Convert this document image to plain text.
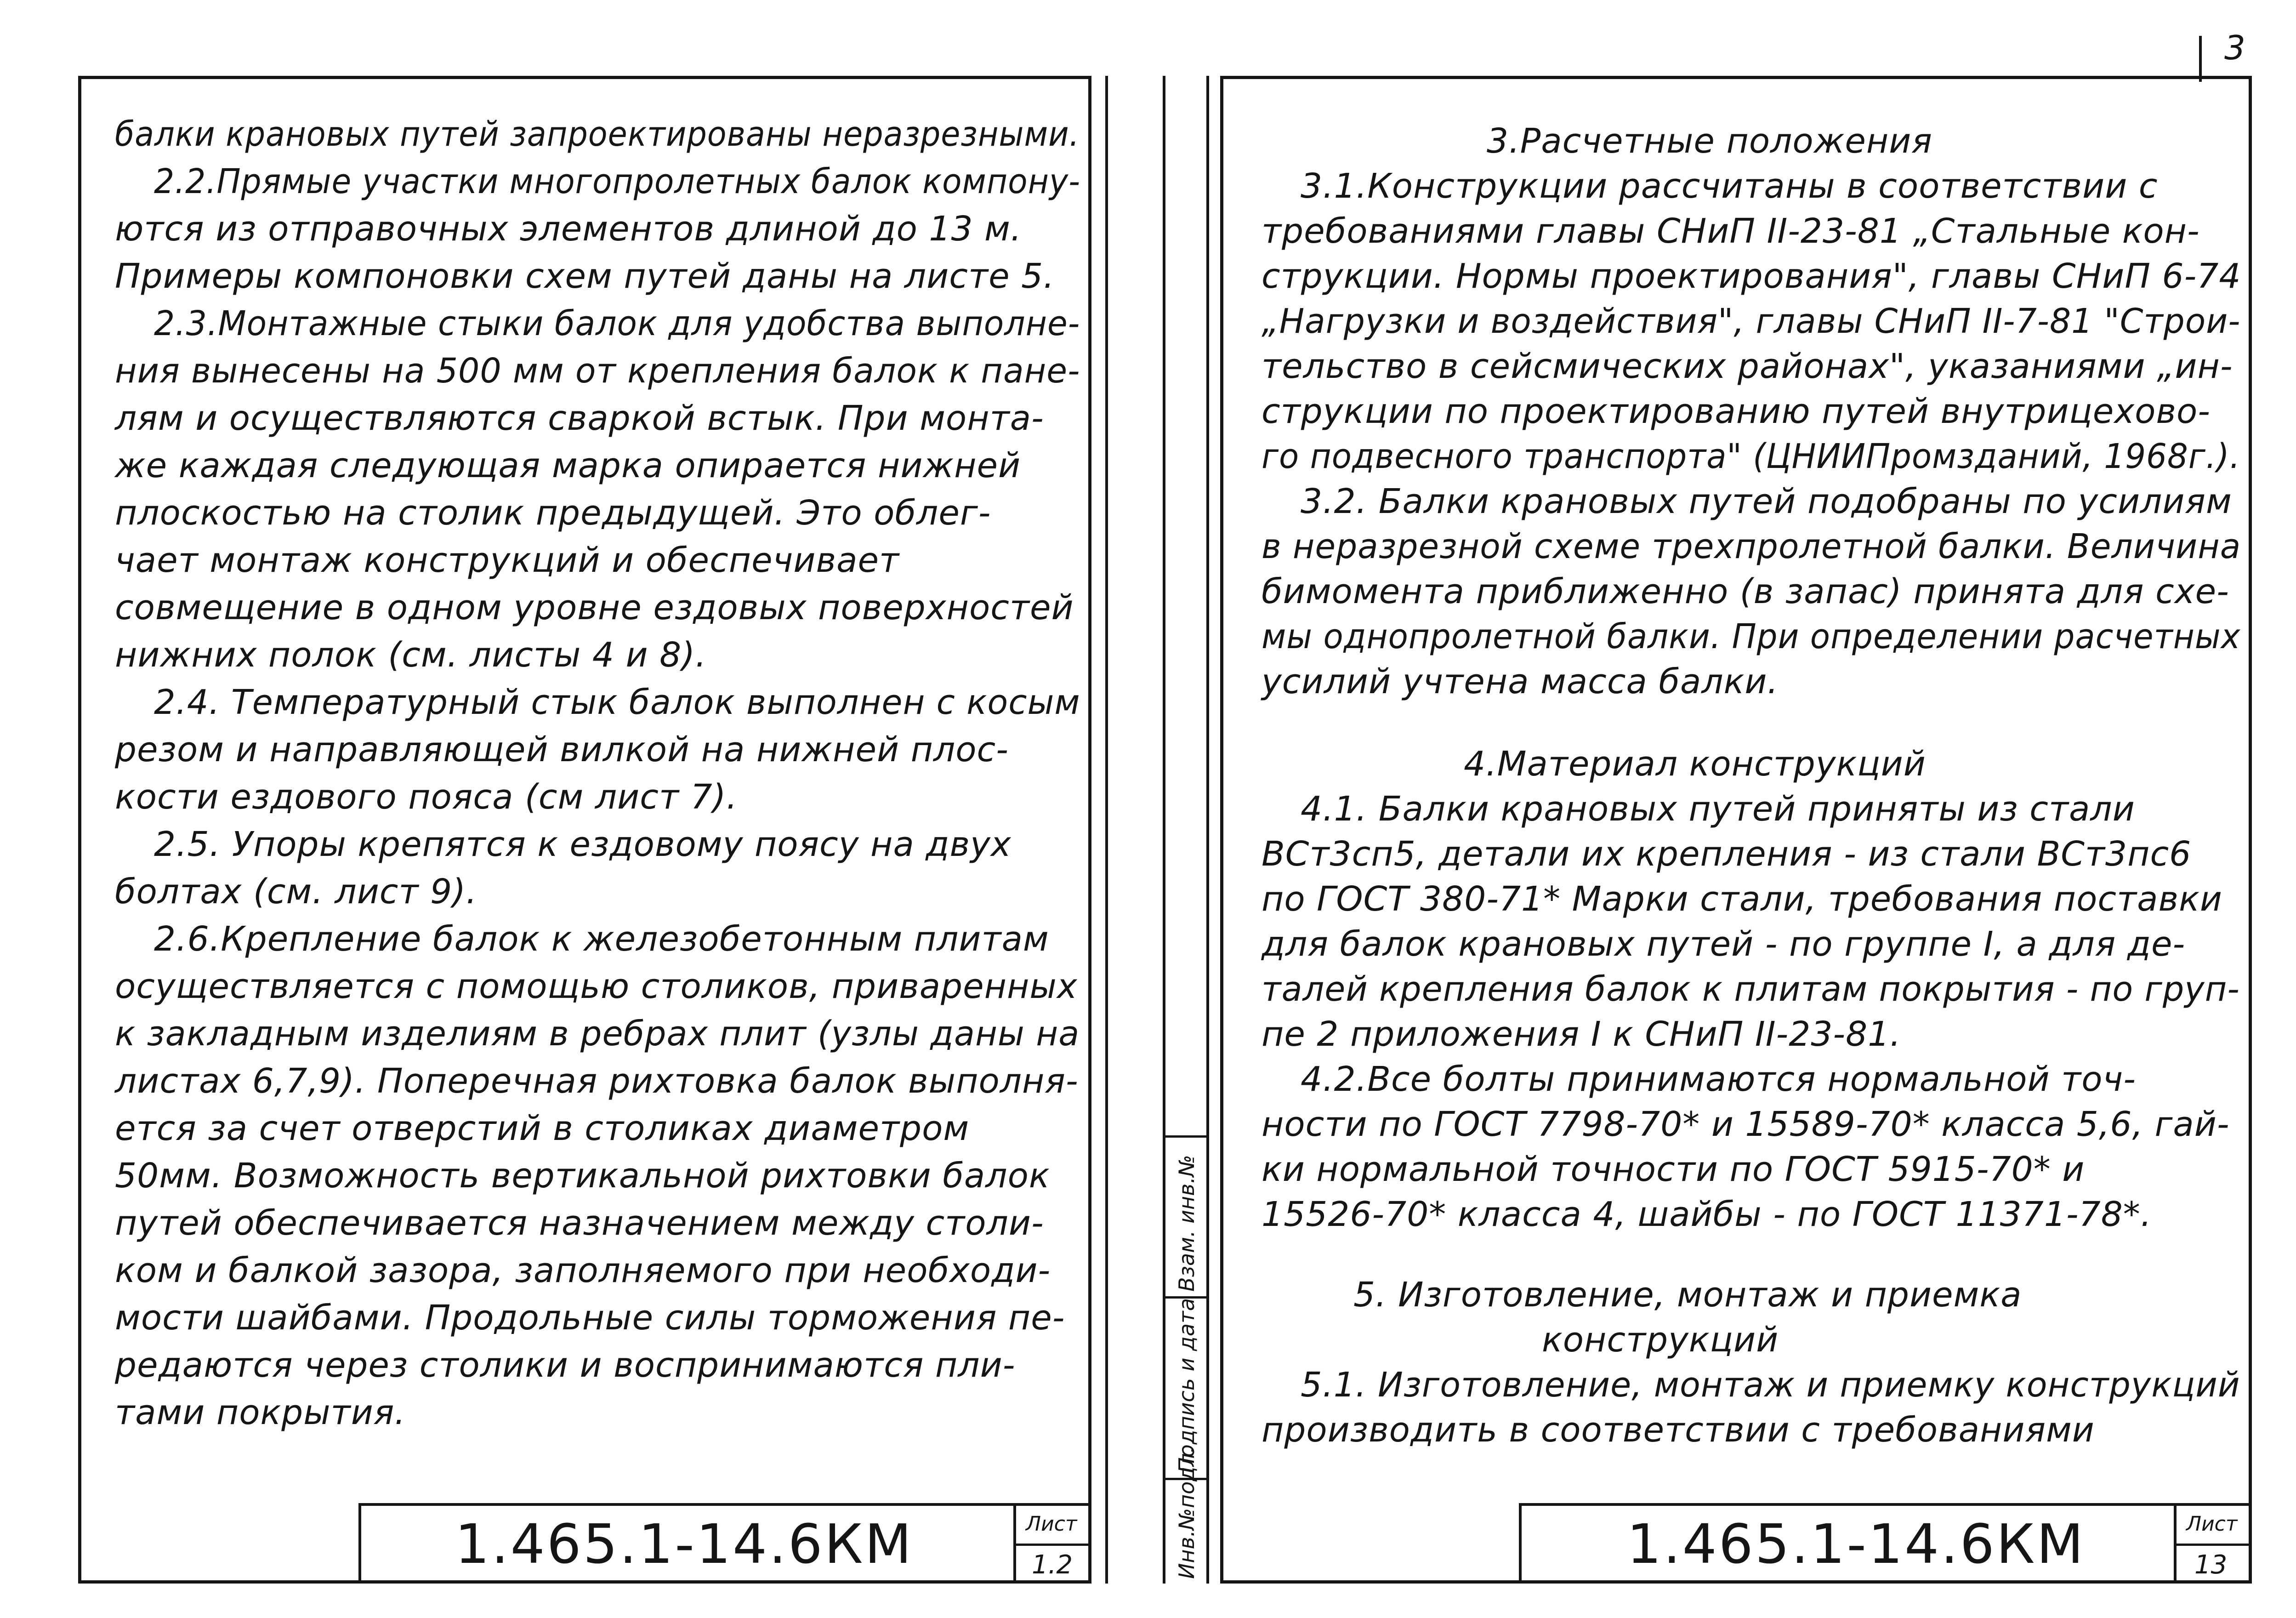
3
балки крановых путей запроектированы неразрезными.
2.2.Прямые участки многопролетных балок компону-
ются из отправочных элементов длиной до 13 м.
Примеры компоновки схем путей даны на листе 5.
2.3.Монтажные стыки балок для удобства выполне-
ния вынесены на 500 мм от крепления балок к пане-
лям и осуществляются сваркой встык. При монта-
же каждая следующая марка опирается нижней
плоскостью на столик предыдущей. Это облег-
чает монтаж конструкций и обеспечивает
совмещение в одном уровне ездовых поверхностей
нижних полок (см. листы 4 и 8).
2.4. Температурный стык балок выполнен с косым
резом и направляющей вилкой на нижней плос-
кости ездового пояса (см лист 7).
2.5. Упоры крепятся к ездовому поясу на двух
болтах (см. лист 9).
2.6.Крепление балок к железобетонным плитам
осуществляется с помощью столиков, приваренных
к закладным изделиям в ребрах плит (узлы даны на
листах 6,7,9). Поперечная рихтовка балок выполня-
ется за счет отверстий в столиках диаметром
50мм. Возможность вертикальной рихтовки балок
путей обеспечивается назначением между столи-
ком и балкой зазора, заполняемого при необходи-
мости шайбами. Продольные силы торможения пе-
редаются через столики и воспринимаются пли-
тами покрытия.
1.465.1-14.6КМ	Лист
1.2	Инв.№подл.
Подпись и дата
Взам. инв.№
3.Расчетные положения
3.1.Конструкции рассчитаны в соответствии с
требованиями главы СНиП II-23-81 „Стальные кон-
струкции. Нормы проектирования", главы СНиП 6-74
„Нагрузки и воздействия", главы СНиП II-7-81 "Строи-
тельство в сейсмических районах", указаниями „ин-
струкции по проектированию путей внутрицехово-
го подвесного транспорта" (ЦНИИПромзданий, 1968г.).
3.2. Балки крановых путей подобраны по усилиям
в неразрезной схеме трехпролетной балки. Величина
бимомента приближенно (в запас) принята для схе-
мы однопролетной балки. При определении расчетных
усилий учтена масса балки.
4.Материал конструкций
4.1. Балки крановых путей приняты из стали
ВСт3сп5, детали их крепления - из стали ВСт3пс6
по ГОСТ 380-71* Марки стали, требования поставки
для балок крановых путей - по группе I, а для де-
талей крепления балок к плитам покрытия - по груп-
пе 2 приложения I к СНиП II-23-81.
4.2.Все болты принимаются нормальной точ-
ности по ГОСТ 7798-70* и 15589-70* класса 5,6, гай-
ки нормальной точности по ГОСТ 5915-70* и
15526-70* класса 4, шайбы - по ГОСТ 11371-78*.
5. Изготовление, монтаж и приемка
конструкций
5.1. Изготовление, монтаж и приемку конструкций
производить в соответствии с требованиями
1.465.1-14.6КМ	Лист
13
